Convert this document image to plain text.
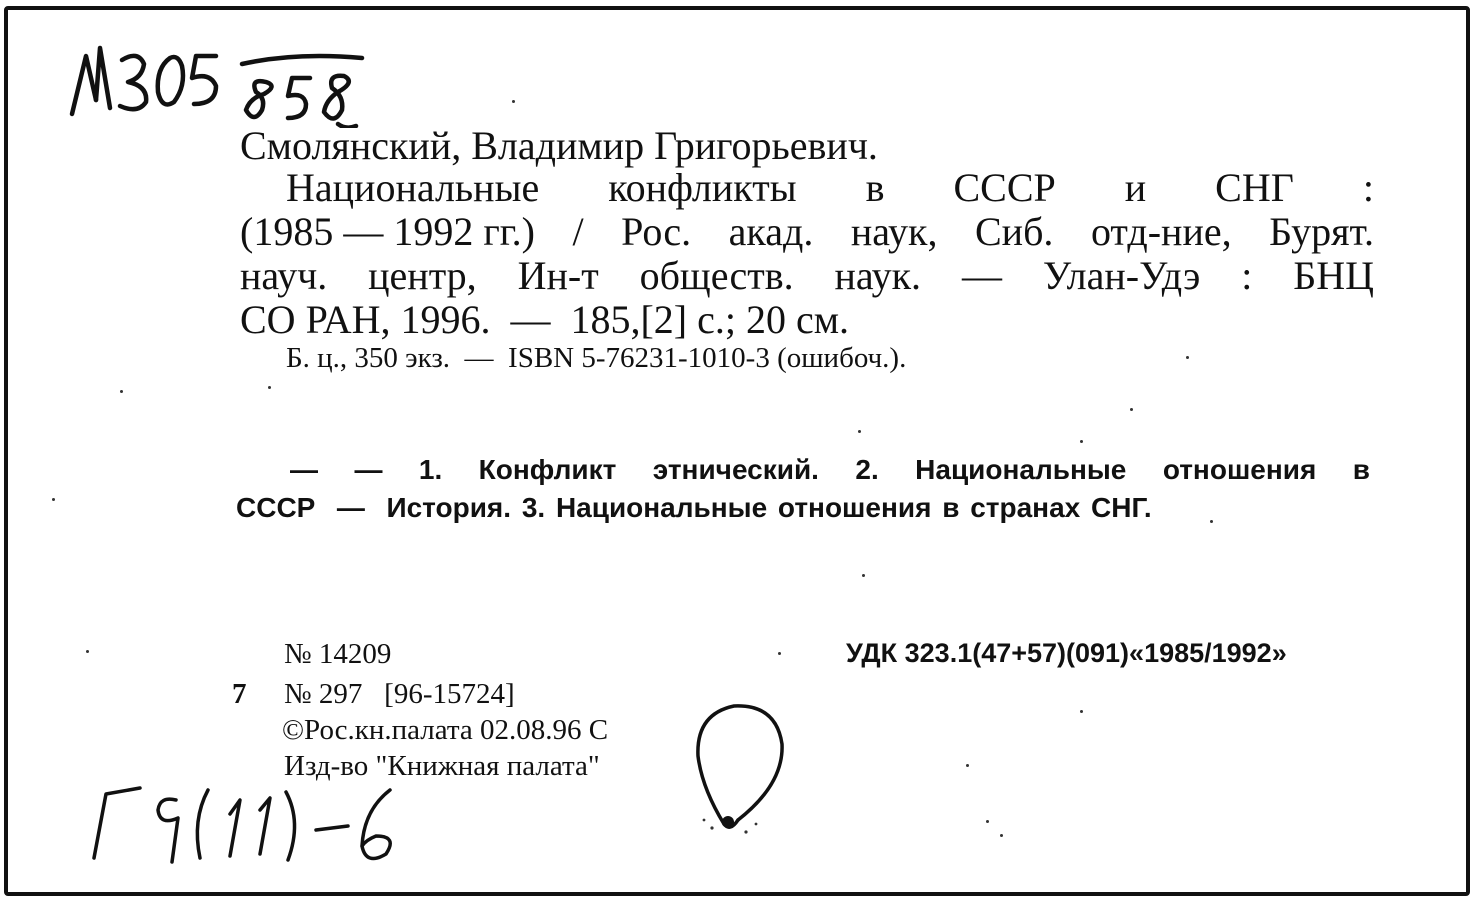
Смолянский, Владимир Григорьевич.
Национальные конфликты в СССР и СНГ :
(1985 — 1992 гг.) / Рос. акад. наук, Сиб. отд-ние, Бурят.
науч. центр, Ин-т обществ. наук. — Улан-Удэ : БНЦ
СО РАН, 1996.  —  185,[2] с.; 20 см.
Б. ц., 350 экз.  —  ISBN 5-76231-1010-3 (ошибоч.).
— — 1. Конфликт этнический. 2. Национальные отношения в
СССР  —  История. 3. Национальные отношения в странах СНГ.
№ 14209	УДК 323.1(47+57)(091)«1985/1992»
7 № 297   [96-15724]
©Рос.кн.палата 02.08.96 С
Изд-во "Книжная палата"
